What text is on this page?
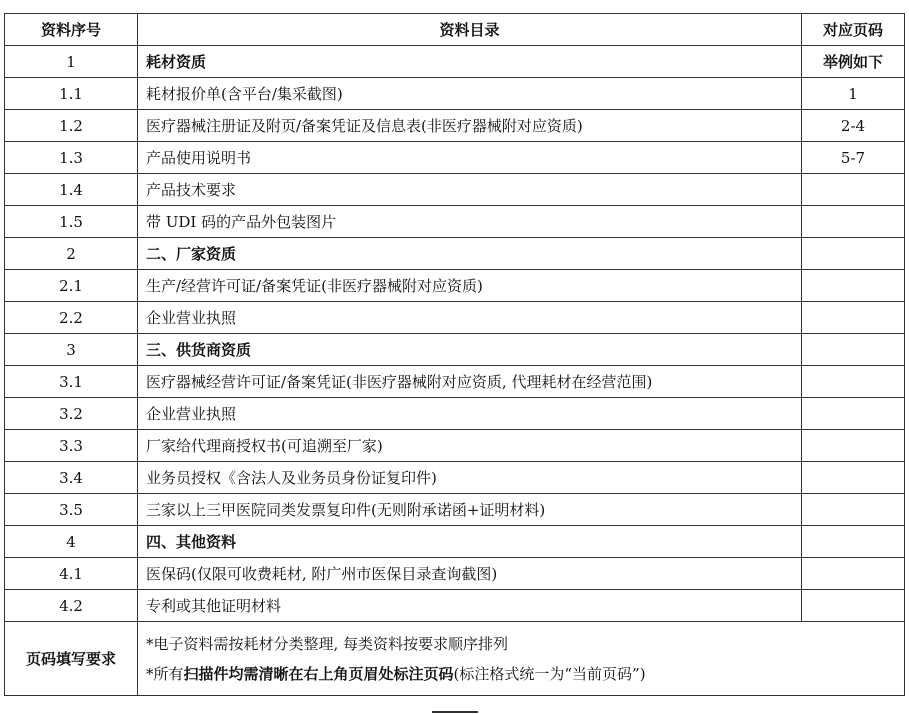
资料序号	资料目录	对应页码
1	耗材资质	举例如下
1.1	耗材报价单(含平台/集采截图)	1
1.2	医疗器械注册证及附页/备案凭证及信息表(非医疗器械附对应资质)	2-4
1.3	产品使用说明书	5-7
1.4	产品技术要求	
1.5	带 UDI 码的产品外包装图片	
2	二、厂家资质	
2.1	生产/经营许可证/备案凭证(非医疗器械附对应资质)	
2.2	企业营业执照	
3	三、供货商资质	
3.1	医疗器械经营许可证/备案凭证(非医疗器械附对应资质, 代理耗材在经营范围)	
3.2	企业营业执照	
3.3	厂家给代理商授权书(可追溯至厂家)	
3.4	业务员授权《含法人及业务员身份证复印件)	
3.5	三家以上三甲医院同类发票复印件(无则附承诺函+证明材料)	
4	四、其他资料	
4.1	医保码(仅限可收费耗材, 附广州市医保目录查询截图)	
4.2	专利或其他证明材料	
页码填写要求	*电子资料需按耗材分类整理, 每类资料按要求顺序排列
*所有扫描件均需清晰在右上角页眉处标注页码(标注格式统一为“当前页码”)	
